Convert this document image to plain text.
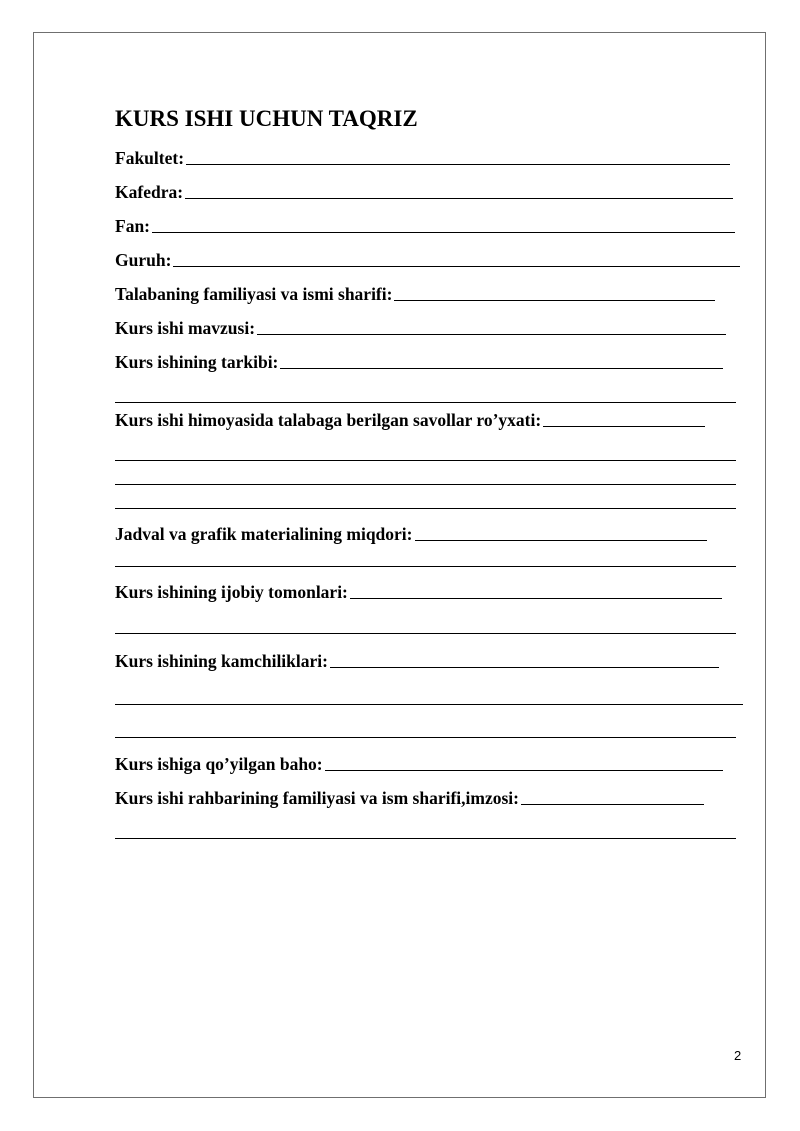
KURS ISHI UCHUN TAQRIZ
Fakultet:
Kafedra:
Fan:
Guruh:
Talabaning familiyasi va ismi sharifi:
Kurs ishi mavzusi:
Kurs ishining tarkibi:
Kurs ishi himoyasida talabaga berilgan savollar ro’yxati:
Jadval va grafik materialining miqdori:
Kurs ishining ijobiy tomonlari:
Kurs ishining kamchiliklari:
Kurs ishiga qo’yilgan baho:
Kurs ishi rahbarining familiyasi va ism sharifi,imzosi:
2
